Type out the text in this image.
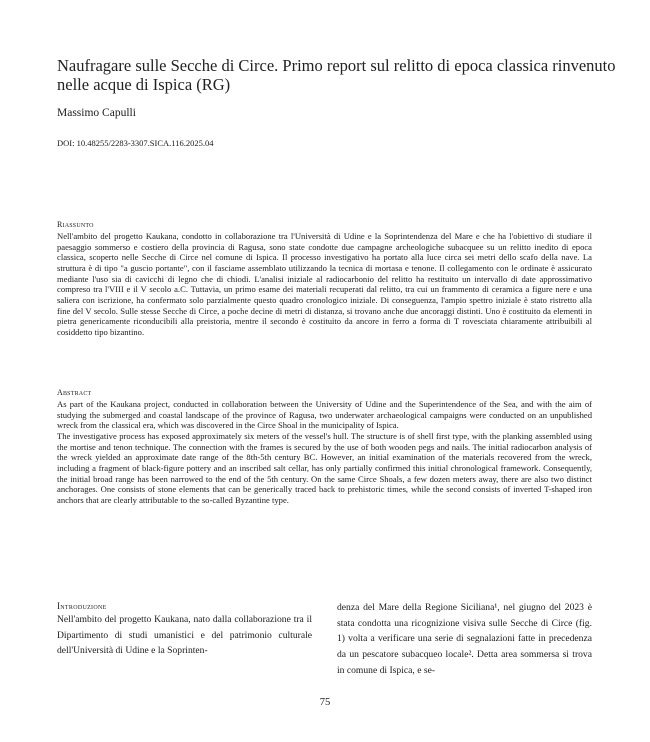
Naufragare sulle Secche di Circe. Primo report sul relitto di epoca classica rinvenuto nelle acque di Ispica (RG)

Massimo Capulli

DOI: 10.48255/2283-3307.SICA.116.2025.04

Riassunto

Nell'ambito del progetto Kaukana, condotto in collaborazione tra l'Università di Udine e la Soprintendenza del Mare e che ha l'obiettivo di studiare il paesaggio sommerso e costiero della provincia di Ragusa, sono state condotte due campagne archeologiche subacquee su un relitto inedito di epoca classica, scoperto nelle Secche di Circe nel comune di Ispica. Il processo investigativo ha portato alla luce circa sei metri dello scafo della nave. La struttura è di tipo "a guscio portante", con il fasciame assemblato utilizzando la tecnica di mortasa e tenone. Il collegamento con le ordinate è assicurato mediante l'uso sia di cavicchi di legno che di chiodi. L'analisi iniziale al radiocarbonio del relitto ha restituito un intervallo di date approssimativo compreso tra l'VIII e il V secolo a.C. Tuttavia, un primo esame dei materiali recuperati dal relitto, tra cui un frammento di ceramica a figure nere e una saliera con iscrizione, ha confermato solo parzialmente questo quadro cronologico iniziale. Di conseguenza, l'ampio spettro iniziale è stato ristretto alla fine del V secolo. Sulle stesse Secche di Circe, a poche decine di metri di distanza, si trovano anche due ancoraggi distinti. Uno è costituito da elementi in pietra genericamente riconducibili alla preistoria, mentre il secondo è costituito da ancore in ferro a forma di T rovesciata chiaramente attribuibili al cosiddetto tipo bizantino.

Abstract

As part of the Kaukana project, conducted in collaboration between the University of Udine and the Superintendence of the Sea, and with the aim of studying the submerged and coastal landscape of the province of Ragusa, two underwater archaeological campaigns were conducted on an unpublished wreck from the classical era, which was discovered in the Circe Shoal in the municipality of Ispica.

The investigative process has exposed approximately six meters of the vessel's hull. The structure is of shell first type, with the planking assembled using the mortise and tenon technique. The connection with the frames is secured by the use of both wooden pegs and nails. The initial radiocarbon analysis of the wreck yielded an approximate date range of the 8th-5th century BC. However, an initial examination of the materials recovered from the wreck, including a fragment of black-figure pottery and an inscribed salt cellar, has only partially confirmed this initial chronological framework. Consequently, the initial broad range has been narrowed to the end of the 5th century. On the same Circe Shoals, a few dozen meters away, there are also two distinct anchorages. One consists of stone elements that can be generically traced back to prehistoric times, while the second consists of inverted T-shaped iron anchors that are clearly attributable to the so-called Byzantine type.

Introduzione

Nell'ambito del progetto Kaukana, nato dalla collaborazione tra il Dipartimento di studi umanistici e del patrimonio culturale dell'Università di Udine e la Soprinten-

denza del Mare della Regione Siciliana¹, nel giugno del 2023 è stata condotta una ricognizione visiva sulle Secche di Circe (fig. 1) volta a verificare una serie di segnalazioni fatte in precedenza da un pescatore subacqueo locale². Detta area sommersa si trova in comune di Ispica, e se-

75
